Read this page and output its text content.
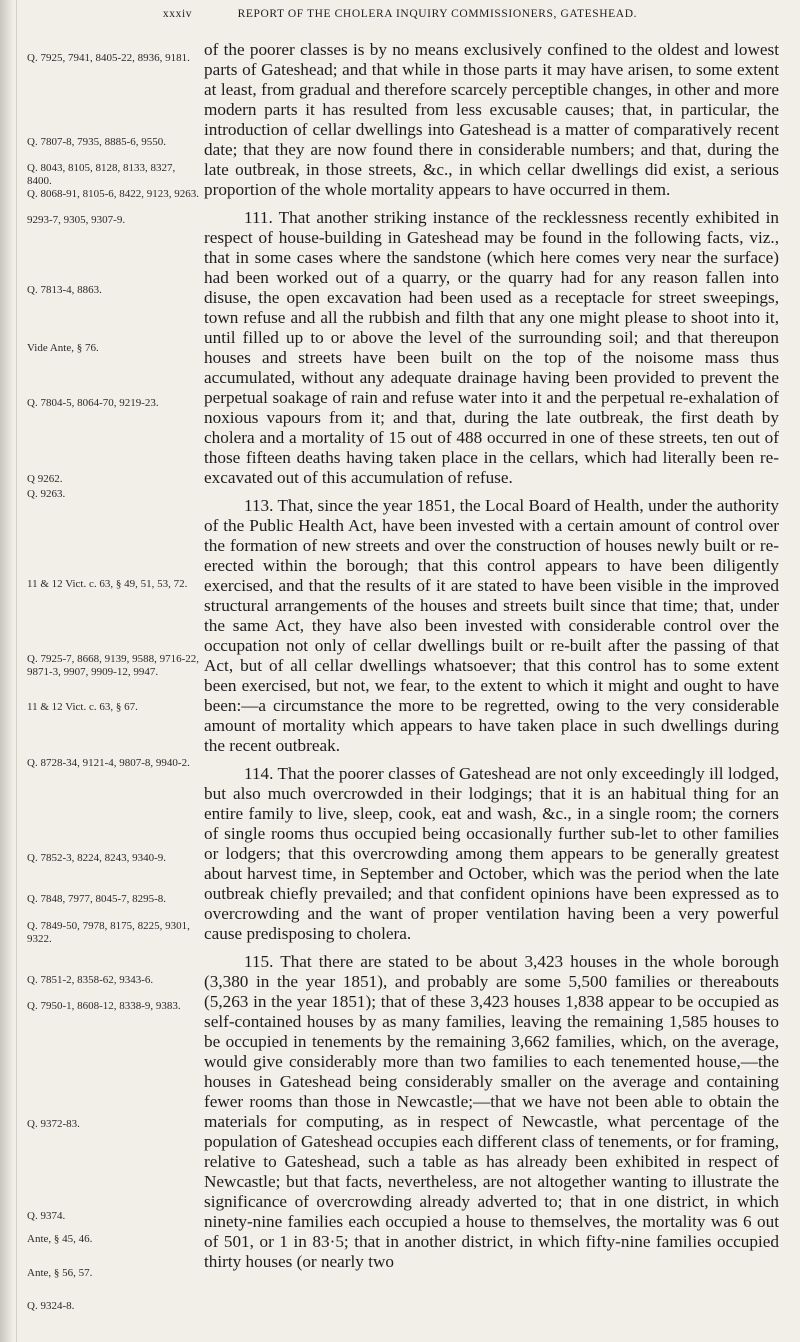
xxxiv	REPORT OF THE CHOLERA INQUIRY COMMISSIONERS, GATESHEAD.
Q. 7925, 7941, 8405-22, 8936, 9181.
Q. 7807-8, 7935, 8885-6, 9550.
Q. 8043, 8105, 8128, 8133, 8327, 8400.
Q. 8068-91, 8105-6, 8422, 9123, 9263.
9293-7, 9305, 9307-9.
Q. 7813-4, 8863.
Vide Ante, § 76.
Q. 7804-5, 8064-70, 9219-23.
Q 9262.
Q. 9263.
11 & 12 Vict. c. 63, § 49, 51, 53, 72.
Q. 7925-7, 8668, 9139, 9588, 9716-22, 9871-3, 9907, 9909-12, 9947.
11 & 12 Vict. c. 63, § 67.
Q. 8728-34, 9121-4, 9807-8, 9940-2.
Q. 7852-3, 8224, 8243, 9340-9.
Q. 7848, 7977, 8045-7, 8295-8.
Q. 7849-50, 7978, 8175, 8225, 9301, 9322.
Q. 7851-2, 8358-62, 9343-6.
Q. 7950-1, 8608-12, 8338-9, 9383.
Q. 9372-83.
Q. 9374.
Ante, § 45, 46.
Ante, § 56, 57.
Q. 9324-8.

of the poorer classes is by no means exclusively confined to the oldest and lowest parts of Gateshead; and that while in those parts it may have arisen, to some extent at least, from gradual and therefore scarcely perceptible changes, in other and more modern parts it has resulted from less excusable causes; that, in particular, the introduction of cellar dwellings into Gateshead is a matter of comparatively recent date; that they are now found there in considerable numbers; and that, during the late outbreak, in those streets, &c., in which cellar dwellings did exist, a serious proportion of the whole mortality appears to have occurred in them.

111. That another striking instance of the recklessness recently exhibited in respect of house-building in Gateshead may be found in the following facts, viz., that in some cases where the sandstone (which here comes very near the surface) had been worked out of a quarry, or the quarry had for any reason fallen into disuse, the open excavation had been used as a receptacle for street sweepings, town refuse and all the rubbish and filth that any one might please to shoot into it, until filled up to or above the level of the surrounding soil; and that thereupon houses and streets have been built on the top of the noisome mass thus accumulated, without any adequate drainage having been provided to prevent the perpetual soakage of rain and refuse water into it and the perpetual re-exhalation of noxious vapours from it; and that, during the late outbreak, the first death by cholera and a mortality of 15 out of 488 occurred in one of these streets, ten out of those fifteen deaths having taken place in the cellars, which had literally been re-excavated out of this accumulation of refuse.

113. That, since the year 1851, the Local Board of Health, under the authority of the Public Health Act, have been invested with a certain amount of control over the formation of new streets and over the construction of houses newly built or re-erected within the borough; that this control appears to have been diligently exercised, and that the results of it are stated to have been visible in the improved structural arrangements of the houses and streets built since that time; that, under the same Act, they have also been invested with considerable control over the occupation not only of cellar dwellings built or re-built after the passing of that Act, but of all cellar dwellings whatsoever; that this control has to some extent been exercised, but not, we fear, to the extent to which it might and ought to have been:—a circumstance the more to be regretted, owing to the very considerable amount of mortality which appears to have taken place in such dwellings during the recent outbreak.

114. That the poorer classes of Gateshead are not only exceedingly ill lodged, but also much overcrowded in their lodgings; that it is an habitual thing for an entire family to live, sleep, cook, eat and wash, &c., in a single room; the corners of single rooms thus occupied being occasionally further sub-let to other families or lodgers; that this overcrowding among them appears to be generally greatest about harvest time, in September and October, which was the period when the late outbreak chiefly prevailed; and that confident opinions have been expressed as to overcrowding and the want of proper ventilation having been a very powerful cause predisposing to cholera.

115. That there are stated to be about 3,423 houses in the whole borough (3,380 in the year 1851), and probably are some 5,500 families or thereabouts (5,263 in the year 1851); that of these 3,423 houses 1,838 appear to be occupied as self-contained houses by as many families, leaving the remaining 1,585 houses to be occupied in tenements by the remaining 3,662 families, which, on the average, would give considerably more than two families to each tenemented house,—the houses in Gateshead being considerably smaller on the average and containing fewer rooms than those in Newcastle;—that we have not been able to obtain the materials for computing, as in respect of Newcastle, what percentage of the population of Gateshead occupies each different class of tenements, or for framing, relative to Gateshead, such a table as has already been exhibited in respect of Newcastle; but that facts, nevertheless, are not altogether wanting to illustrate the significance of overcrowding already adverted to; that in one district, in which ninety-nine families each occupied a house to themselves, the mortality was 6 out of 501, or 1 in 83·5; that in another district, in which fifty-nine families occupied thirty houses (or nearly two
